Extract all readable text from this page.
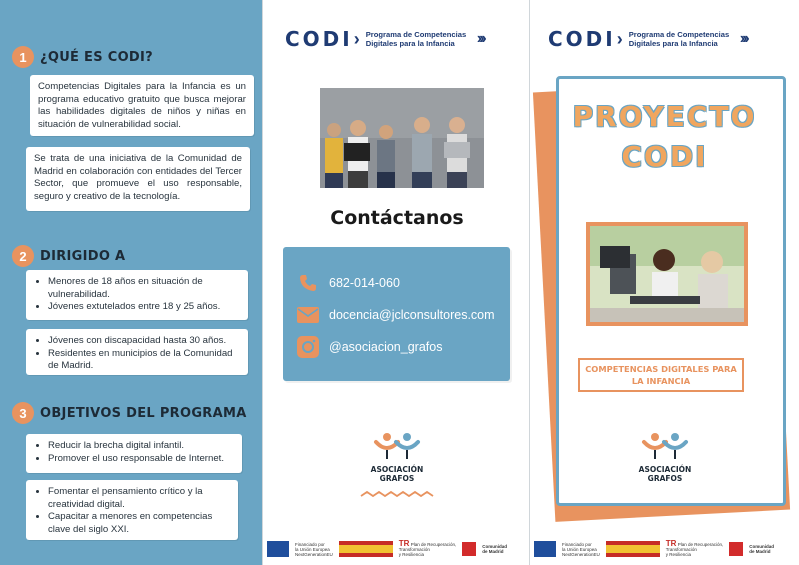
1	¿QUÉ ES CODI?
Competencias Digitales para la Infancia es un programa educativo gratuito que busca mejorar las habilidades digitales de niños y niñas en situación de vulnerabilidad social.
Se trata de una iniciativa de la Comunidad de Madrid en colaboración con entidades del Tercer Sector, que promueve el uso responsable, seguro y creativo de la tecnología.
2	DIRIGIDO A
• Menores de 18 años en situación de vulnerabilidad.
• Jóvenes extutelados entre 18 y 25 años.
• Jóvenes con discapacidad hasta 30 años.
• Residentes en municipios de la Comunidad de Madrid.
3	OBJETIVOS DEL PROGRAMA
• Reducir la brecha digital infantil.
• Promover el uso responsable de Internet.
• Fomentar el pensamiento crítico y la creatividad digital.
• Capacitar a menores en competencias clave del siglo XXI.
CODI › Programa de Competencias
Digitales para la Infancia	›››
Contáctanos
682-014-060
docencia@jclconsultores.com
@asociacion_grafos
ASOCIACIÓN
GRAFOS
Financiado por
la Unión Europea
NextGenerationEU
TR Plan de Recuperación,
Transformación
y Resiliencia
Comunidad
de Madrid
CODI › Programa de Competencias
Digitales para la Infancia	›››
PROYECTO
CODI
COMPETENCIAS DIGITALES PARA
LA INFANCIA
ASOCIACIÓN
GRAFOS
Financiado por
la Unión Europea
NextGenerationEU
TR Plan de Recuperación,
Transformación
y Resiliencia
Comunidad
de Madrid
